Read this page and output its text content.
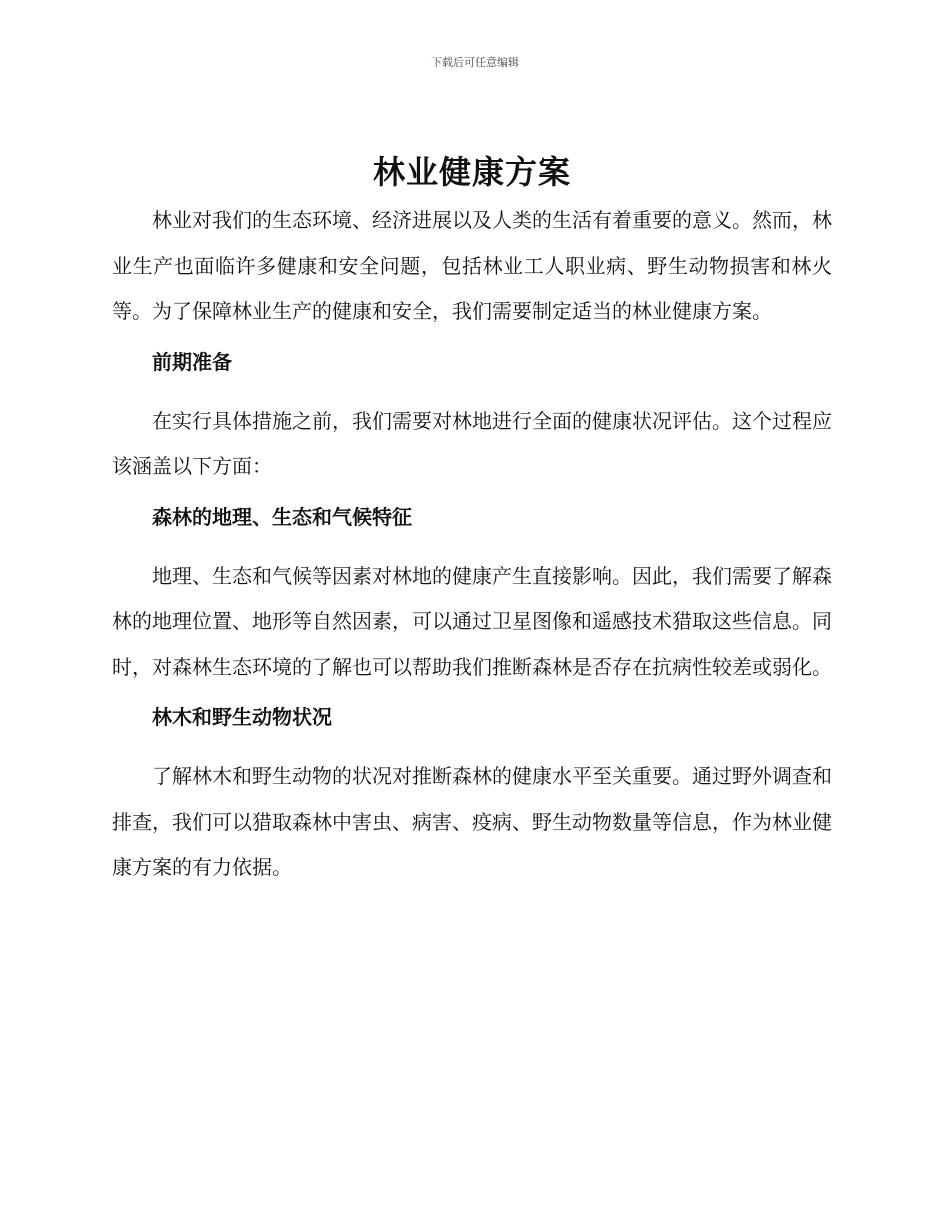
下载后可任意编辑
林业健康方案

林业对我们的生态环境、经济进展以及人类的生活有着重要的意义。然而，林业生产也面临许多健康和安全问题，包括林业工人职业病、野生动物损害和林火等。为了保障林业生产的健康和安全，我们需要制定适当的林业健康方案。

前期准备

在实行具体措施之前，我们需要对林地进行全面的健康状况评估。这个过程应该涵盖以下方面：

森林的地理、生态和气候特征

地理、生态和气候等因素对林地的健康产生直接影响。因此，我们需要了解森林的地理位置、地形等自然因素，可以通过卫星图像和遥感技术猎取这些信息。同时，对森林生态环境的了解也可以帮助我们推断森林是否存在抗病性较差或弱化。

林木和野生动物状况

了解林木和野生动物的状况对推断森林的健康水平至关重要。通过野外调查和排查，我们可以猎取森林中害虫、病害、疫病、野生动物数量等信息，作为林业健康方案的有力依据。
